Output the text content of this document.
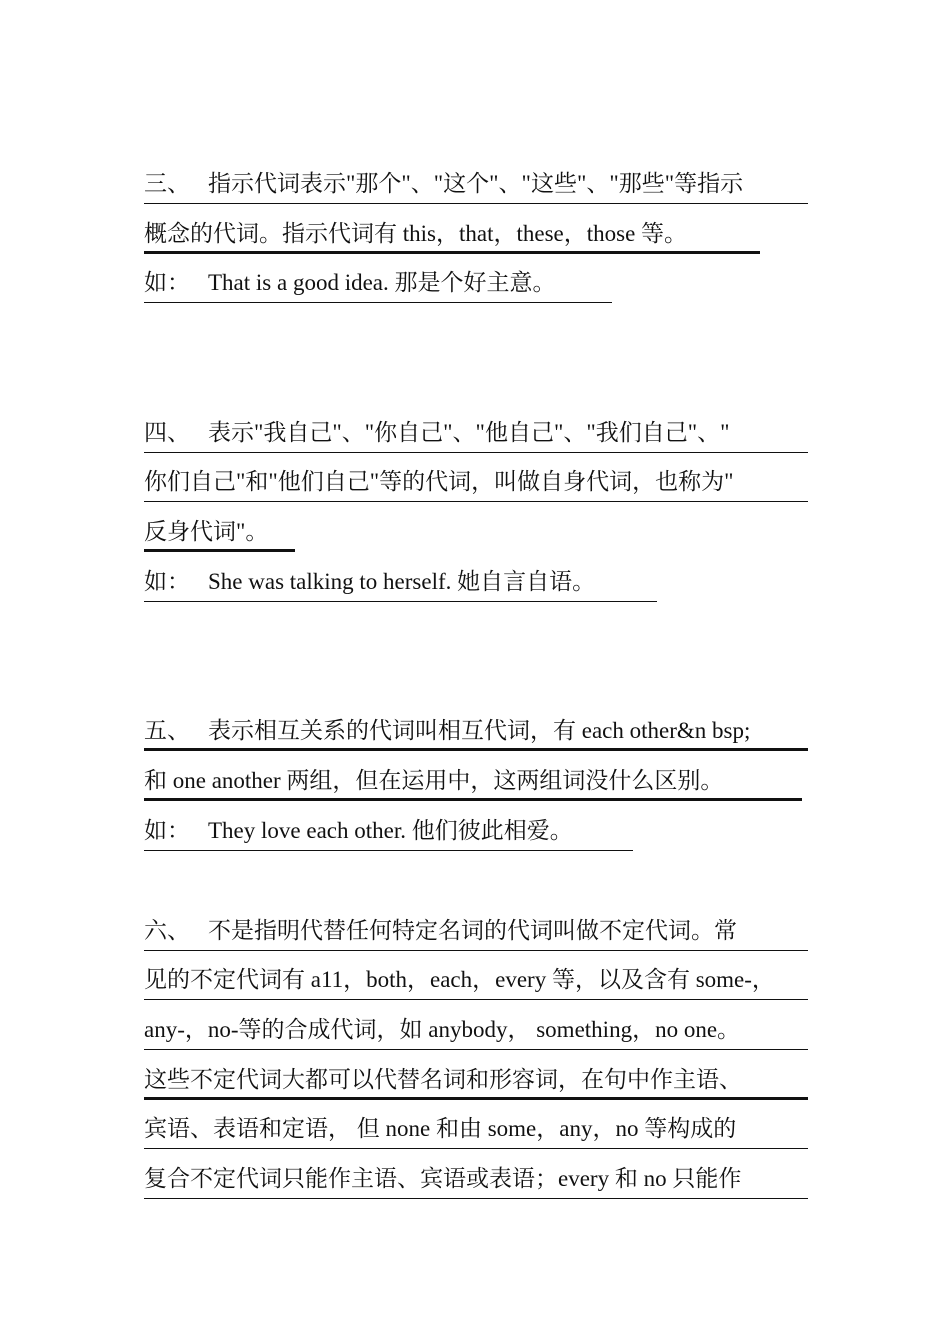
三、 指示代词表示"那个"、"这个"、"这些"、"那些"等指示
概念的代词。指示代词有 this，that，these，those 等。
如： That is a good idea. 那是个好主意。
四、 表示"我自己"、"你自己"、"他自己"、"我们自己"、"
你们自己"和"他们自己"等的代词，叫做自身代词，也称为"
反身代词"。
如： She was talking to herself. 她自言自语。
五、 表示相互关系的代词叫相互代词，有 each other&n bsp;
和 one another 两组，但在运用中，这两组词没什么区别。
如： They love each other. 他们彼此相爱。
六、 不是指明代替任何特定名词的代词叫做不定代词。常
见的不定代词有 a11，both，each，every 等，以及含有 some-，
any-，no-等的合成代词，如 anybody， something，no one。
这些不定代词大都可以代替名词和形容词，在句中作主语、
宾语、表语和定语， 但 none 和由 some，any，no 等构成的
复合不定代词只能作主语、宾语或表语；every 和 no 只能作
